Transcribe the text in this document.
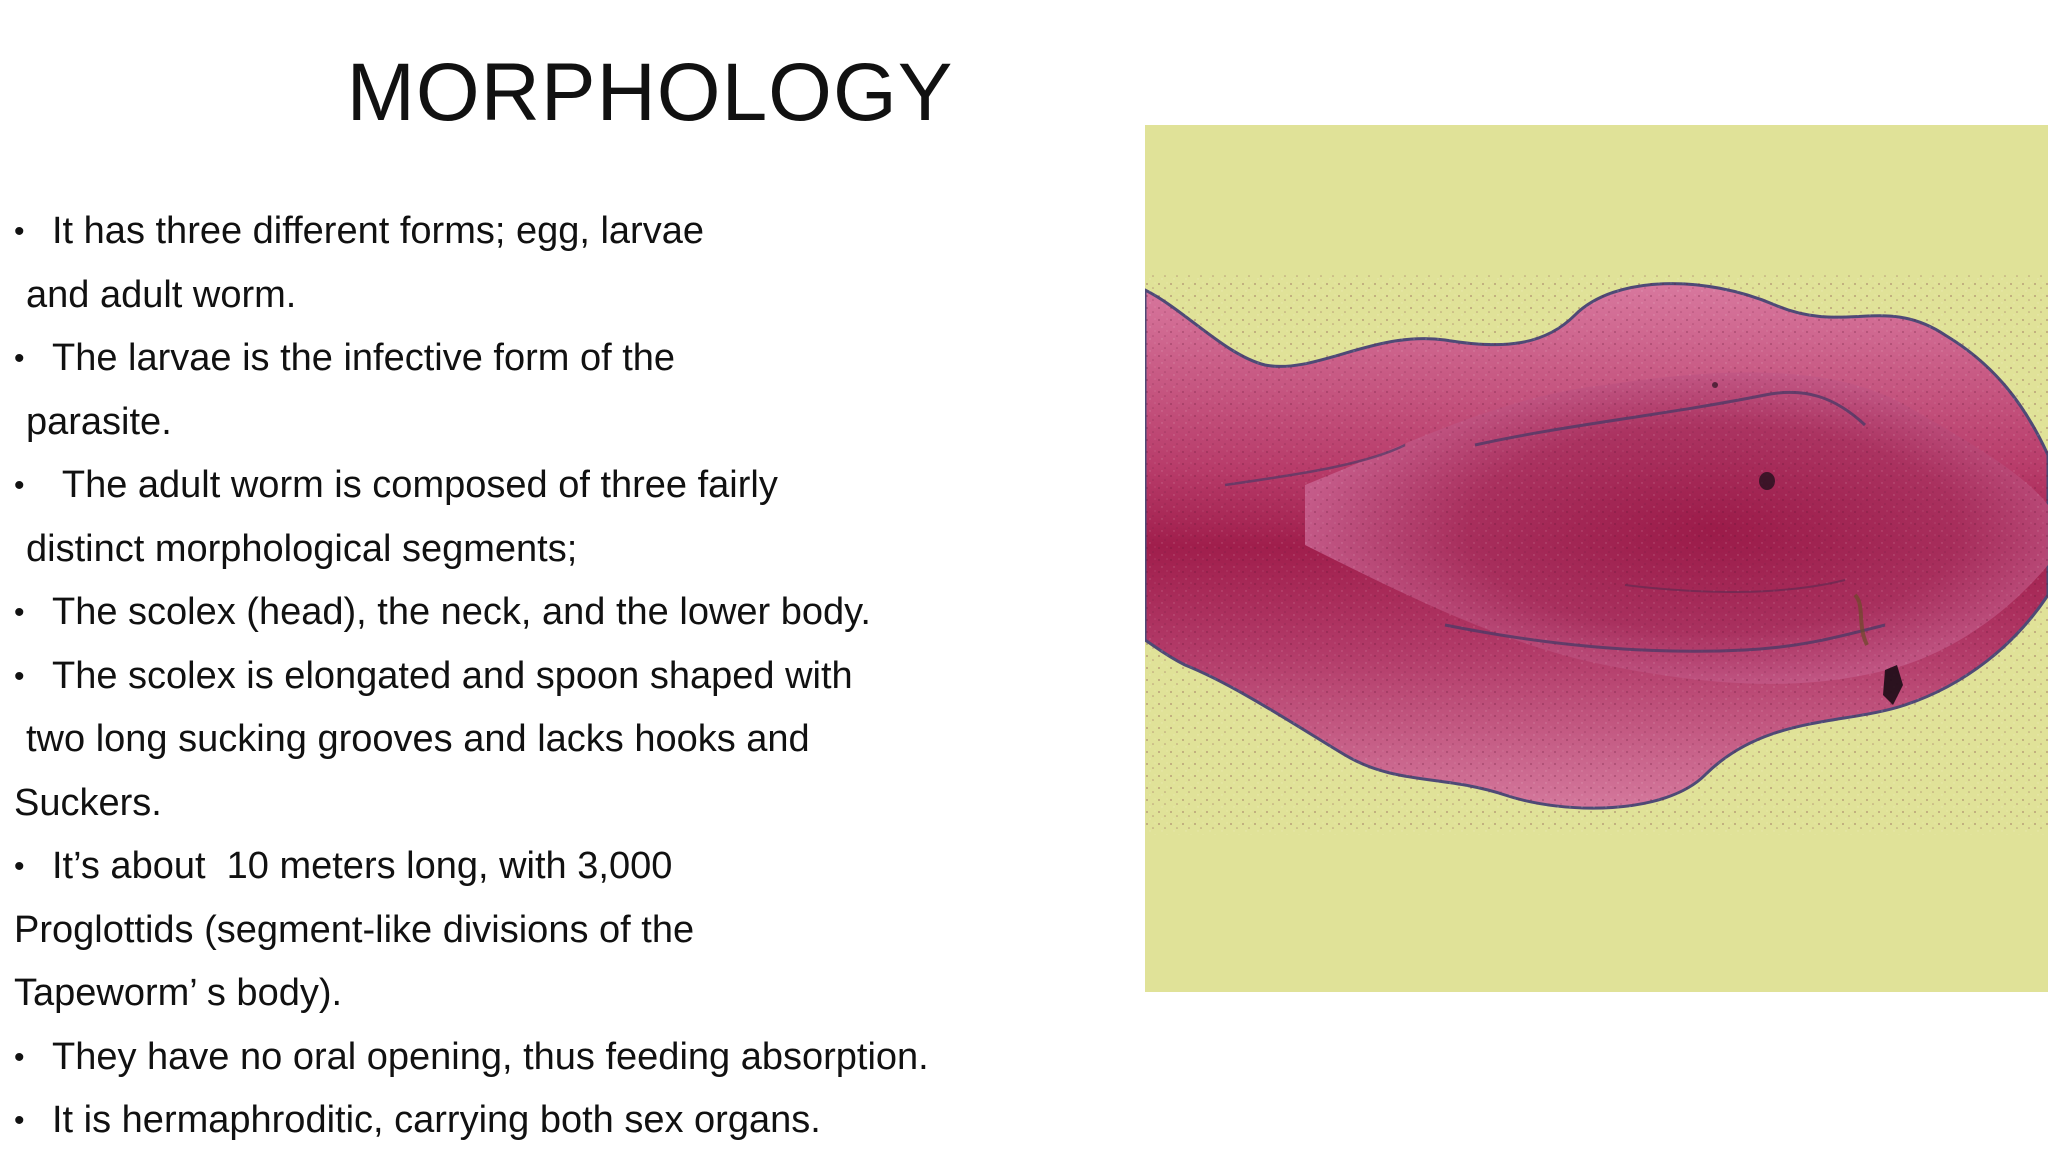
MORPHOLOGY
• It has three different forms; egg, larvae
and adult worm.
• The larvae is the infective form of the
parasite.
•  The adult worm is composed of three fairly
distinct morphological segments;
• The scolex (head), the neck, and the lower body.
• The scolex is elongated and spoon shaped with
two long sucking grooves and lacks hooks and
Suckers.
• It’s about  10 meters long, with 3,000
Proglottids (segment-like divisions of the
Tapeworm’ s body).
• They have no oral opening, thus feeding absorption.
• It is hermaphroditic, carrying both sex organs.
